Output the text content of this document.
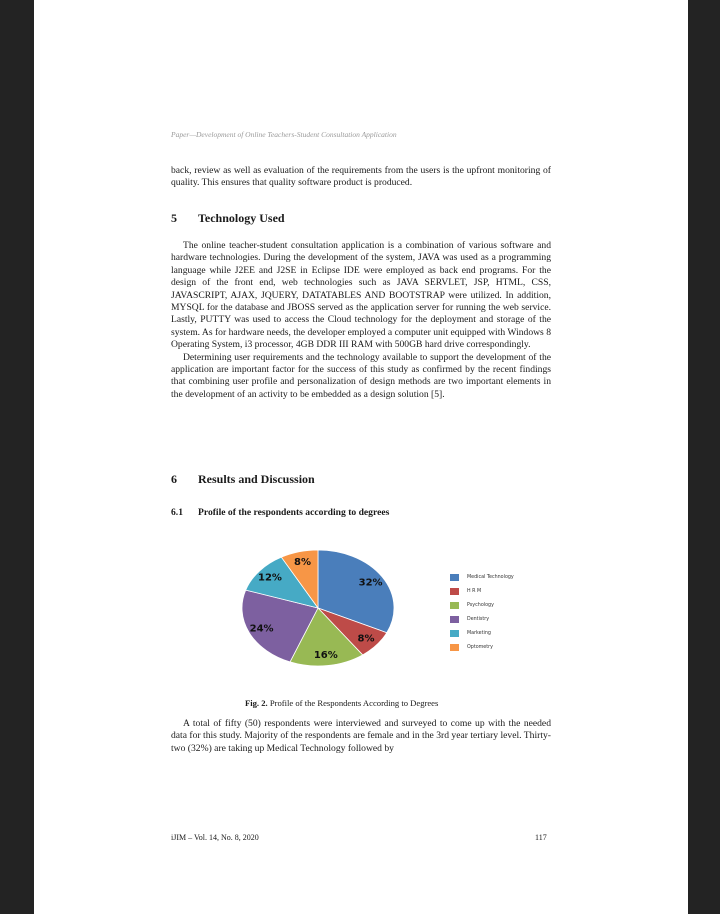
Paper—Development of Online Teachers-Student Consultation Application

back, review as well as evaluation of the requirements from the users is the upfront monitoring of quality. This ensures that quality software product is produced.

5 Technology Used

The online teacher-student consultation application is a combination of various software and hardware technologies. During the development of the system, JAVA was used as a programming language while J2EE and J2SE in Eclipse IDE were employed as back end programs. For the design of the front end, web technologies such as JAVA SERVLET, JSP, HTML, CSS, JAVASCRIPT, AJAX, JQUERY, DATATABLES AND BOOTSTRAP were utilized. In addition, MYSQL for the database and JBOSS served as the application server for running the web service. Lastly, PUTTY was used to access the Cloud technology for the deployment and storage of the system. As for hardware needs, the developer employed a computer unit equipped with Windows 8 Operating System, i3 processor, 4GB DDR III RAM with 500GB hard drive correspondingly.

Determining user requirements and the technology available to support the development of the application are important factor for the success of this study as confirmed by the recent findings that combining user profile and personalization of design methods are two important elements in the development of an activity to be embedded as a design solution [5].

6 Results and Discussion
6.1 Profile of the respondents according to degrees
32%
8%
16%
24%
12%
8%
Medical Technology
H R M
Psychology
Dentistry
Marketing
Optometry
Fig. 2. Profile of the Respondents According to Degrees

A total of fifty (50) respondents were interviewed and surveyed to come up with the needed data for this study. Majority of the respondents are female and in the 3rd year tertiary level. Thirty-two (32%) are taking up Medical Technology followed by

iJIM – Vol. 14, No. 8, 2020	117
